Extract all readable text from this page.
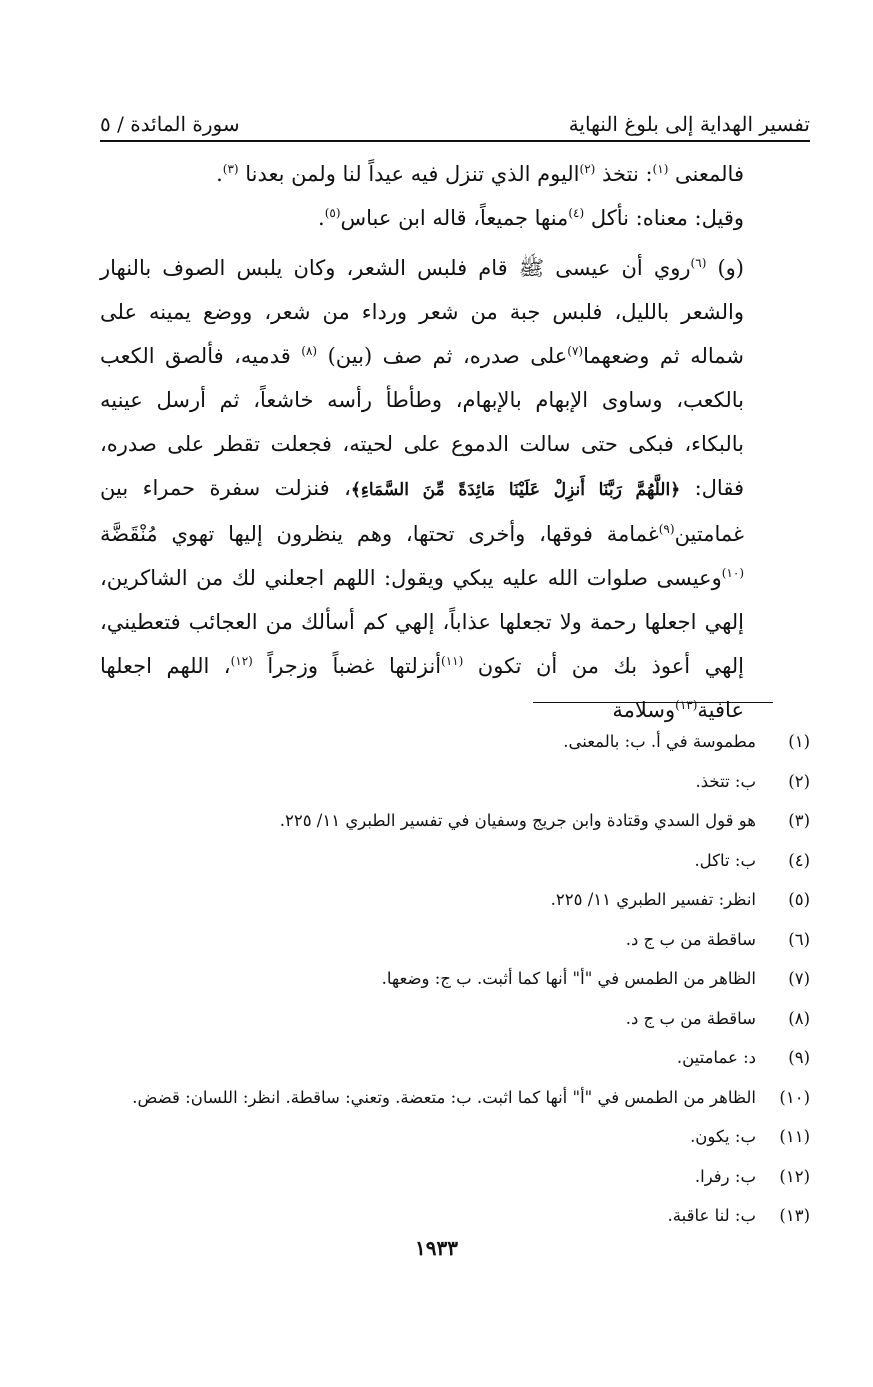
تفسير الهداية إلى بلوغ النهاية
سورة المائدة / ٥

فالمعنى $^{(١)}$: نتخذ $^{(٢)}$اليوم الذي تنزل فيه عيداً لنا ولمن بعدنا $^{(٣)}$.

وقيل: معناه: نأكل $^{(٤)}$منها جميعاً، قاله ابن عباس$^{(٥)}$.

(و) $^{(٦)}$روي أن عيسى ﷺ قام فلبس الشعر، وكان يلبس الصوف بالنهار والشعر بالليل، فلبس جبة من شعر ورداء من شعر، ووضع يمينه على شماله ثم وضعهما$^{(٧)}$على صدره، ثم صف (بين) $^{(٨)}$ قدميه، فألصق الكعب بالكعب، وساوى الإبهام بالإبهام، وطأطأ رأسه خاشعاً، ثم أرسل عينيه بالبكاء، فبكى حتى سالت الدموع على لحيته، فجعلت تقطر على صدره، فقال: ﴿اللَّهُمَّ رَبَّنَا أَنزِلْ عَلَيْنَا مَائِدَةً مِّنَ السَّمَاءِ﴾، فنزلت سفرة حمراء بين غمامتين$^{(٩)}$غمامة فوقها، وأخرى تحتها، وهم ينظرون إليها تهوي مُنْقَضَّة $^{(١٠)}$وعيسى صلوات الله عليه يبكي ويقول: اللهم اجعلني لك من الشاكرين، إلهي اجعلها رحمة ولا تجعلها عذاباً، إلهي كم أسألك من العجائب فتعطيني، إلهي أعوذ بك من أن تكون $^{(١١)}$أنزلتها غضباً وزجراً $^{(١٢)}$، اللهم اجعلها عافية$^{(١٣)}$وسلامة

(١)
مطموسة في أ. ب: بالمعنى.
(٢)
ب: تتخذ.
(٣)
هو قول السدي وقتادة وابن جريج وسفيان في تفسير الطبري ١١/ ٢٢٥.
(٤)
ب: تاكل.
(٥)
انظر: تفسير الطبري ١١/ ٢٢٥.
(٦)
ساقطة من ب ج د.
(٧)
الظاهر من الطمس في "أ" أنها كما أثبت. ب ج: وضعها.
(٨)
ساقطة من ب ج د.
(٩)
د: عمامتين.
(١٠)
الظاهر من الطمس في "أ" أنها كما اثبت. ب: متعضة. وتعني: ساقطة. انظر: اللسان: قضض.
(١١)
ب: يكون.
(١٢)
ب: رفرا.
(١٣)
ب: لنا عاقبة.
١٩٣٣
